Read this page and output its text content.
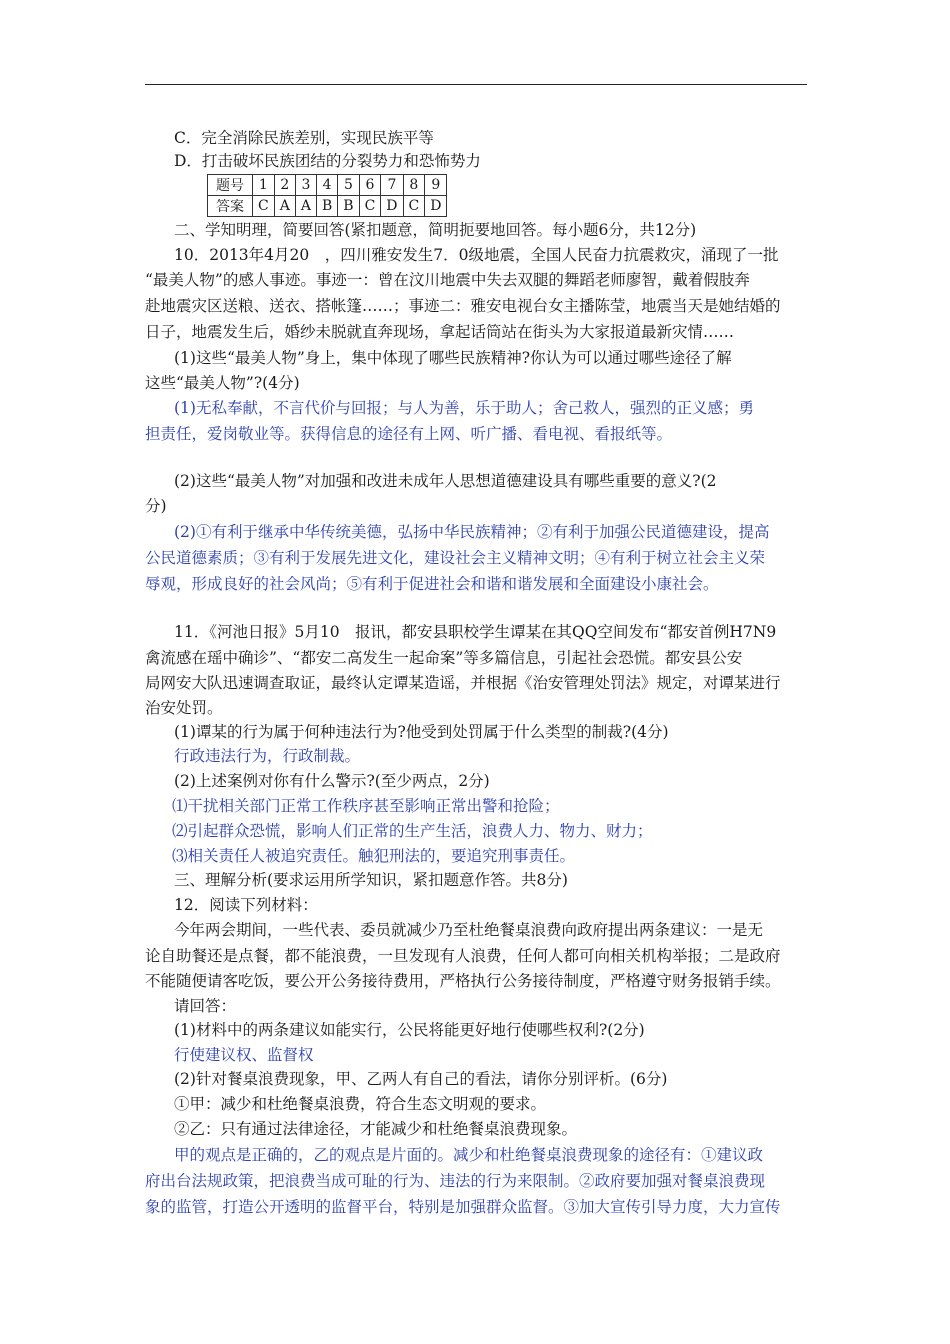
C．完全消除民族差别，实现民族平等
D．打击破坏民族团结的分裂势力和恐怖势力
题号	1	2	3	4	5	6	7	8	9
答案	C	A	A	B	B	C	D	C	D
二、学知明理，简要回答(紧扣题意，简明扼要地回答。每小题6分，共12分)
10．2013年4月20　，四川雅安发生7．0级地震，全国人民奋力抗震救灾，涌现了一批
“最美人物”的感人事迹。事迹一：曾在汶川地震中失去双腿的舞蹈老师廖智，戴着假肢奔
赴地震灾区送粮、送衣、搭帐篷……；事迹二：雅安电视台女主播陈莹，地震当天是她结婚的
日子，地震发生后，婚纱未脱就直奔现场，拿起话筒站在街头为大家报道最新灾情……
(1)这些“最美人物”身上，集中体现了哪些民族精神?你认为可以通过哪些途径了解
这些“最美人物”?(4分)
(1)无私奉献，不言代价与回报；与人为善，乐于助人；舍己救人，强烈的正义感；勇
担责任，爱岗敬业等。获得信息的途径有上网、听广播、看电视、看报纸等。
(2)这些“最美人物”对加强和改进未成年人思想道德建设具有哪些重要的意义?(2
分)
(2)①有利于继承中华传统美德，弘扬中华民族精神；②有利于加强公民道德建设，提高
公民道德素质；③有利于发展先进文化，建设社会主义精神文明；④有利于树立社会主义荣
辱观，形成良好的社会风尚；⑤有利于促进社会和谐和谐发展和全面建设小康社会。
11．《河池日报》5月10　报讯，都安县职校学生谭某在其QQ空间发布“都安首例H7N9
禽流感在瑶中确诊”、“都安二高发生一起命案”等多篇信息，引起社会恐慌。都安县公安
局网安大队迅速调查取证，最终认定谭某造谣，并根据《治安管理处罚法》规定，对谭某进行
治安处罚。
(1)谭某的行为属于何种违法行为?他受到处罚属于什么类型的制裁?(4分)
行政违法行为，行政制裁。
(2)上述案例对你有什么警示?(至少两点，2分)
⑴干扰相关部门正常工作秩序甚至影响正常出警和抢险；
⑵引起群众恐慌，影响人们正常的生产生活，浪费人力、物力、财力；
⑶相关责任人被追究责任。触犯刑法的，要追究刑事责任。
三、理解分析(要求运用所学知识，紧扣题意作答。共8分)
12．阅读下列材料：
今年两会期间，一些代表、委员就减少乃至杜绝餐桌浪费向政府提出两条建议：一是无
论自助餐还是点餐，都不能浪费，一旦发现有人浪费，任何人都可向相关机构举报；二是政府
不能随便请客吃饭，要公开公务接待费用，严格执行公务接待制度，严格遵守财务报销手续。
请回答：
(1)材料中的两条建议如能实行，公民将能更好地行使哪些权利?(2分)
行使建议权、监督权
(2)针对餐桌浪费现象，甲、乙两人有自己的看法，请你分别评析。(6分)
①甲：减少和杜绝餐桌浪费，符合生态文明观的要求。
②乙：只有通过法律途径，才能减少和杜绝餐桌浪费现象。
甲的观点是正确的，乙的观点是片面的。减少和杜绝餐桌浪费现象的途径有：①建议政
府出台法规政策，把浪费当成可耻的行为、违法的行为来限制。②政府要加强对餐桌浪费现
象的监管，打造公开透明的监督平台，特别是加强群众监督。③加大宣传引导力度，大力宣传
